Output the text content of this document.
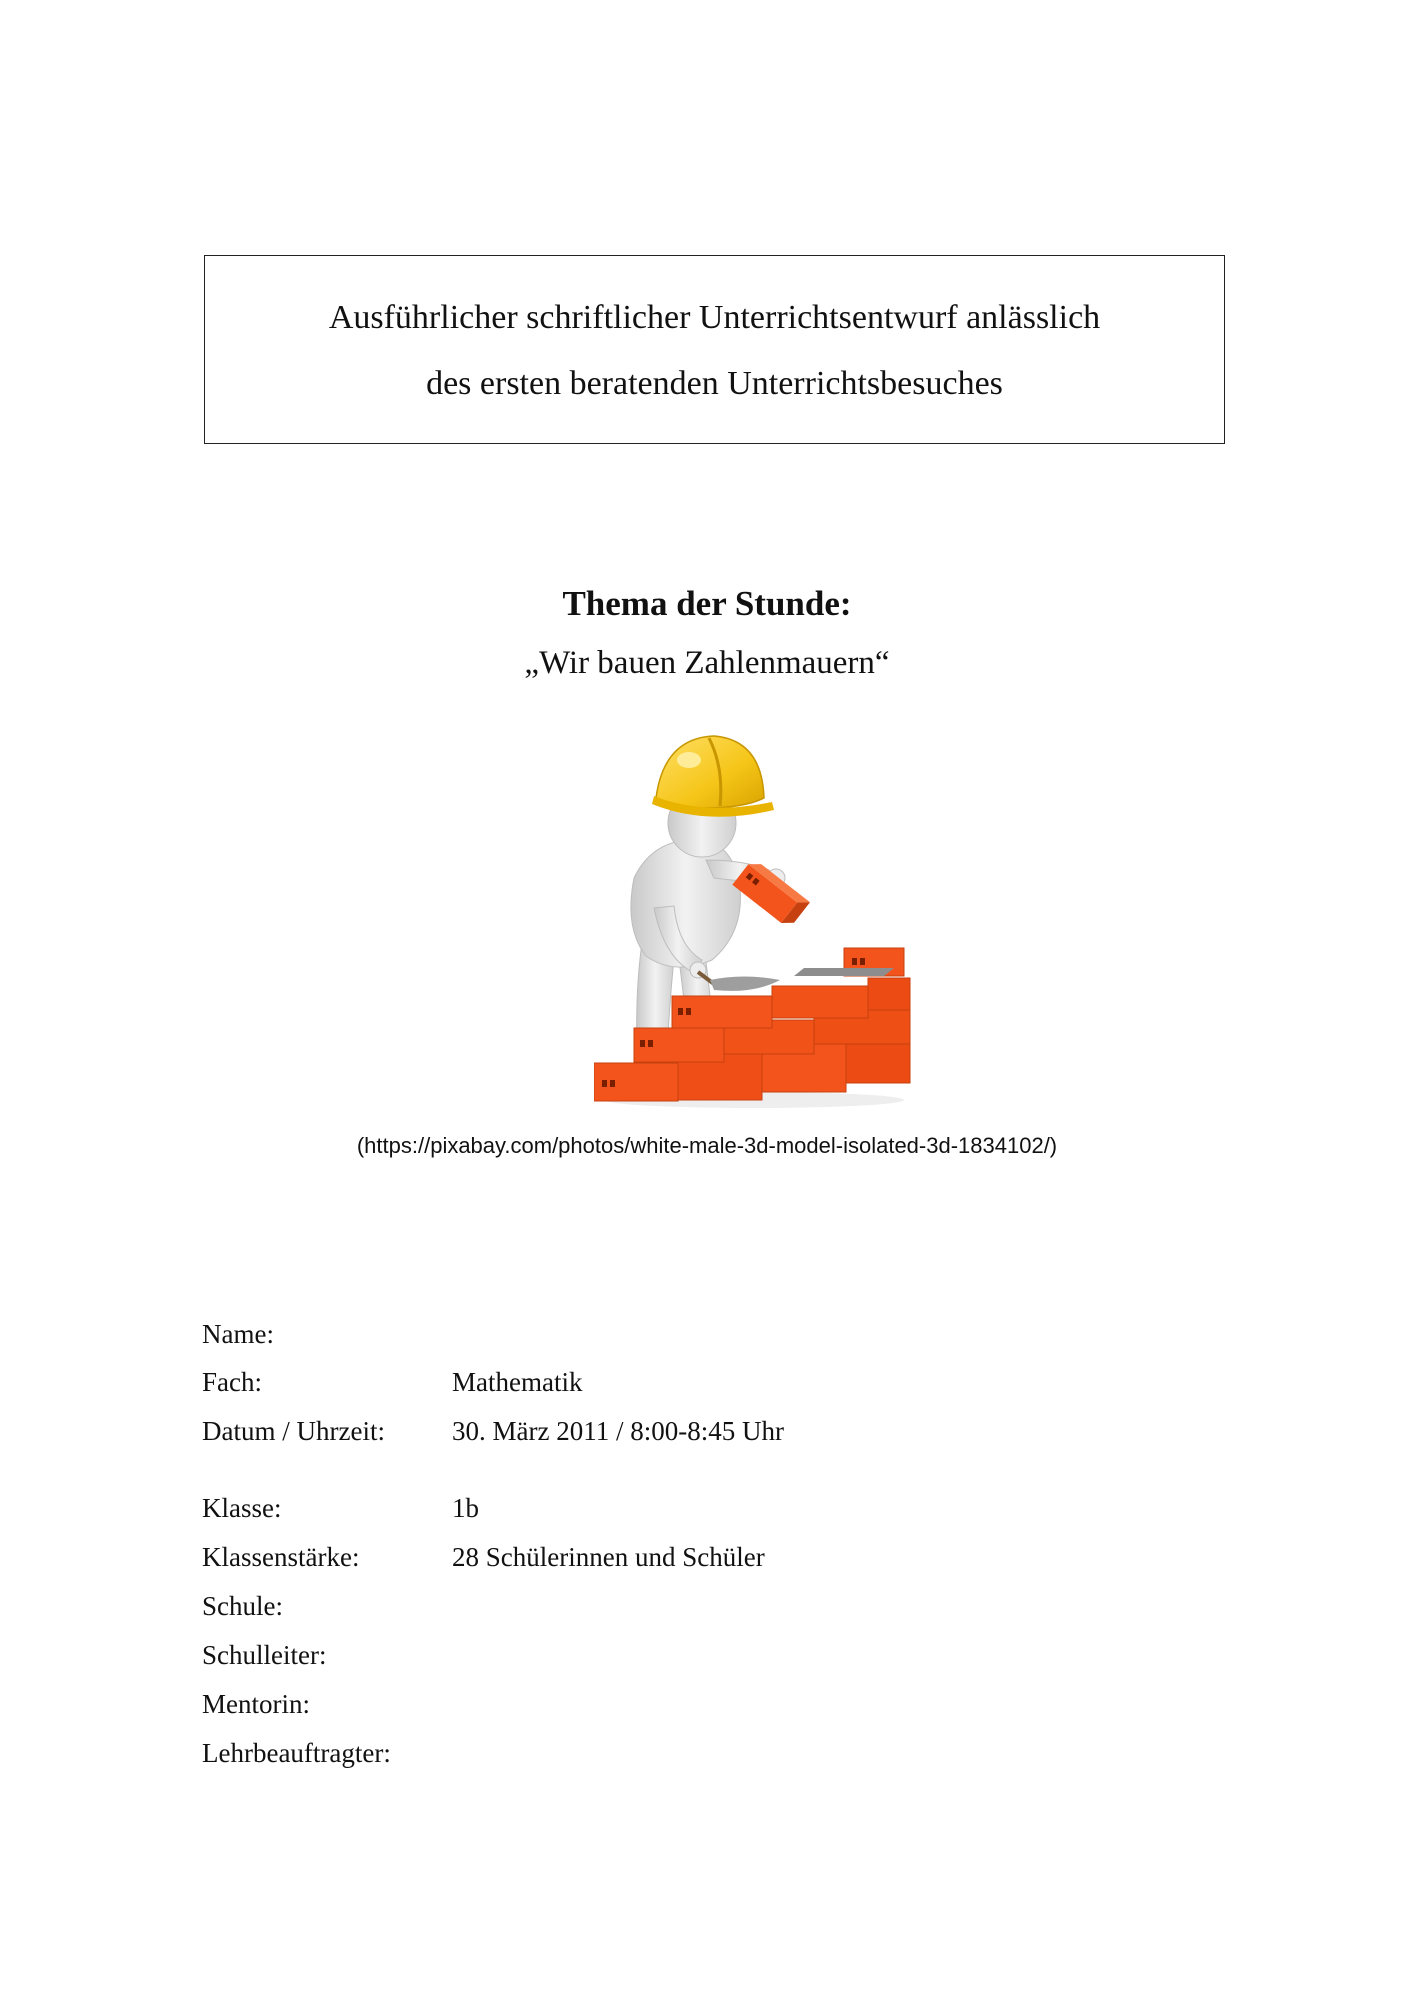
Ausführlicher schriftlicher Unterrichtsentwurf anlässlich
des ersten beratenden Unterrichtsbesuches
Thema der Stunde:
„Wir bauen Zahlenmauern“
(https://pixabay.com/photos/white-male-3d-model-isolated-3d-1834102/)
Name:
Fach:	Mathematik
Datum / Uhrzeit: 30. März 2011 / 8:00-8:45 Uhr
Klasse:	1b
Klassenstärke:	28 Schülerinnen und Schüler
Schule:
Schulleiter:
Mentorin:
Lehrbeauftragter:
